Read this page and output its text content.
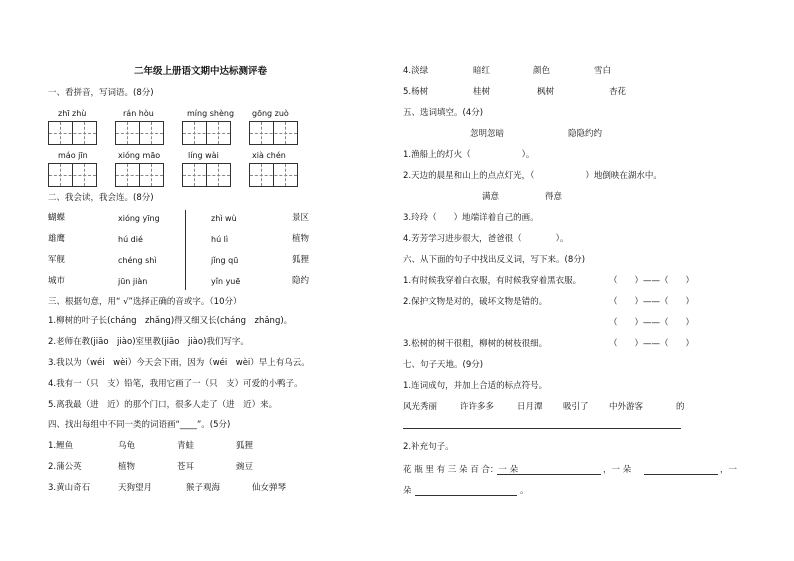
二年级上册语文期中达标测评卷
一、看拼音，写词语。(8分)
zhī zhù	rán hòu	míng shèng gōng zuò
máo jīn	xióng māo	líng wài	xià chén
二、我会读，我会连。(8分)
蝴蝶	xióng yīng	zhì wù	景区
雄鹰	hú dié	hú lì	植物
军舰	chéng shì	jǐng qū	狐狸
城市	jūn jiàn	yǐn yuē	隐约
三、根据句意，用“ √”选择正确的音或字。（10分）
1.柳树的叶子长(cháng　zhǎng)得又细又长(cháng　zhǎng)。
2.老师在教(jiāo　jiào)室里教(jiāo　jiào)我们写字。
3.我以为（wéi　wèi）今天会下雨，因为（wéi　wèi）早上有乌云。
4.我有一（只　支）铅笔，我用它画了一（只　支）可爱的小鸭子。
5.离我最（进　近）的那个门口，很多人走了（进　近）来。
四、找出每组中不同一类的词语画“____”。(5分)
1.鲤鱼	乌龟	青蛙	狐狸
2.蒲公英	植物	苍耳	豌豆
3.黄山奇石	天狗望月	猴子观海	仙女弹琴
4.淡绿	暗红	颜色	雪白
5.杨树	桂树	枫树	杏花
五、选词填空。(4分)
忽明忽暗	隐隐约约
1.渔船上的灯火（　　　　　　）。
2.天边的晨星和山上的点点灯光，（　　　　　　）地倒映在湖水中。
满意	得意
3.玲玲（　　）地端详着自己的画。
4.芳芳学习进步很大，爸爸很（　　　　）。
六、从下面的句子中找出反义词，写下来。(8分)
1.有时候我穿着白衣服，有时候我穿着黑衣服。	（　　）——（　　）
2.保护文物是对的，破坏文物是错的。	（　　）——（　　）
（　　）——（　　）
3.松树的树干很粗，柳树的树枝很细。	（　　）——（　　）
七、句子天地。(9分)
1.连词成句，并加上合适的标点符号。
风光秀丽	许许多多	日月潭 吸引了 中外游客	的
2.补充句子。
花 瓶 里 有 三 朵 百 合：一 朵	，一 朵	，一
朵	。
